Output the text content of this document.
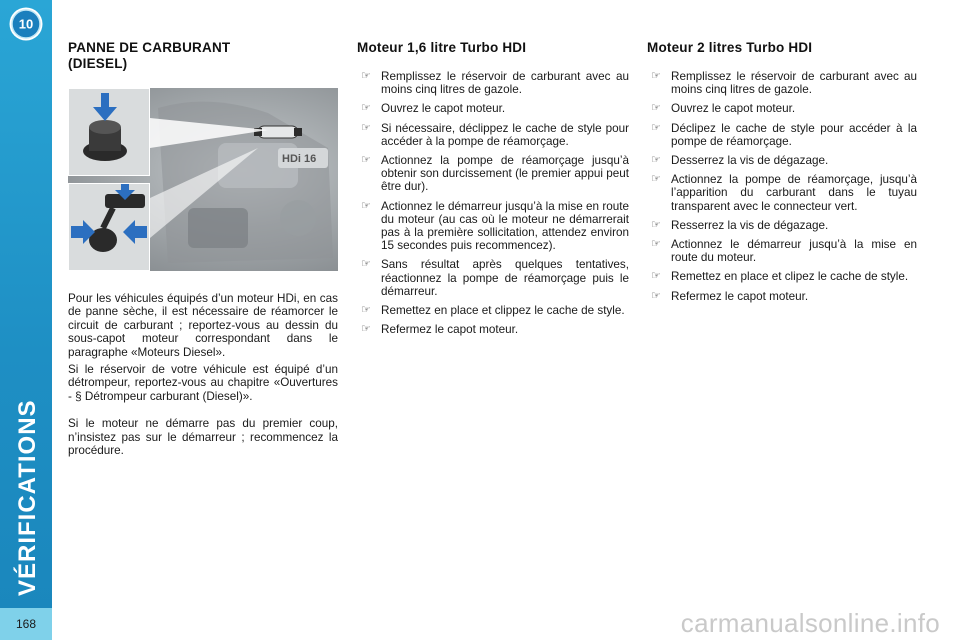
10
VÉRIFICATIONS
168
PANNE DE CARBURANT
(DIESEL)
HDi 16

Pour les véhicules équipés d’un moteur HDi, en cas de panne sèche, il est nécessaire de réamorcer le circuit de carburant ; reportez-vous au dessin du sous-capot moteur correspondant dans le paragraphe «Moteurs Diesel».

Si le réservoir de votre véhicule est équipé d’un détrompeur, reportez-vous au chapitre «Ouvertures - § Détrompeur carburant (Diesel)».

Si le moteur ne démarre pas du premier coup, n’insistez pas sur le démarreur ; recommencez la procédure.

Moteur 1,6 litre Turbo HDI
☞ Remplissez le réservoir de carburant avec au moins cinq litres de gazole.
☞ Ouvrez le capot moteur.
☞ Si nécessaire, déclippez le cache de style pour accéder à la pompe de réamorçage.
☞ Actionnez la pompe de réamorçage jusqu’à obtenir son durcissement (le premier appui peut être dur).
☞ Actionnez le démarreur jusqu’à la mise en route du moteur (au cas où le moteur ne démarrerait pas à la première sollicitation, attendez environ 15 secondes puis recommencez).
☞ Sans résultat après quelques tentatives, réactionnez la pompe de réamorçage puis le démarreur.
☞ Remettez en place et clippez le cache de style.
☞ Refermez le capot moteur.
Moteur 2 litres Turbo HDI
☞ Remplissez le réservoir de carburant avec au moins cinq litres de gazole.
☞ Ouvrez le capot moteur.
☞ Déclipez le cache de style pour accéder à la pompe de réamorçage.
☞ Desserrez la vis de dégazage.
☞ Actionnez la pompe de réamorçage, jusqu’à l’apparition du carburant dans le tuyau transparent avec le connecteur vert.
☞ Resserrez la vis de dégazage.
☞ Actionnez le démarreur jusqu’à la mise en route du moteur.
☞ Remettez en place et clipez le cache de style.
☞ Refermez le capot moteur.
carmanualsonline.info
